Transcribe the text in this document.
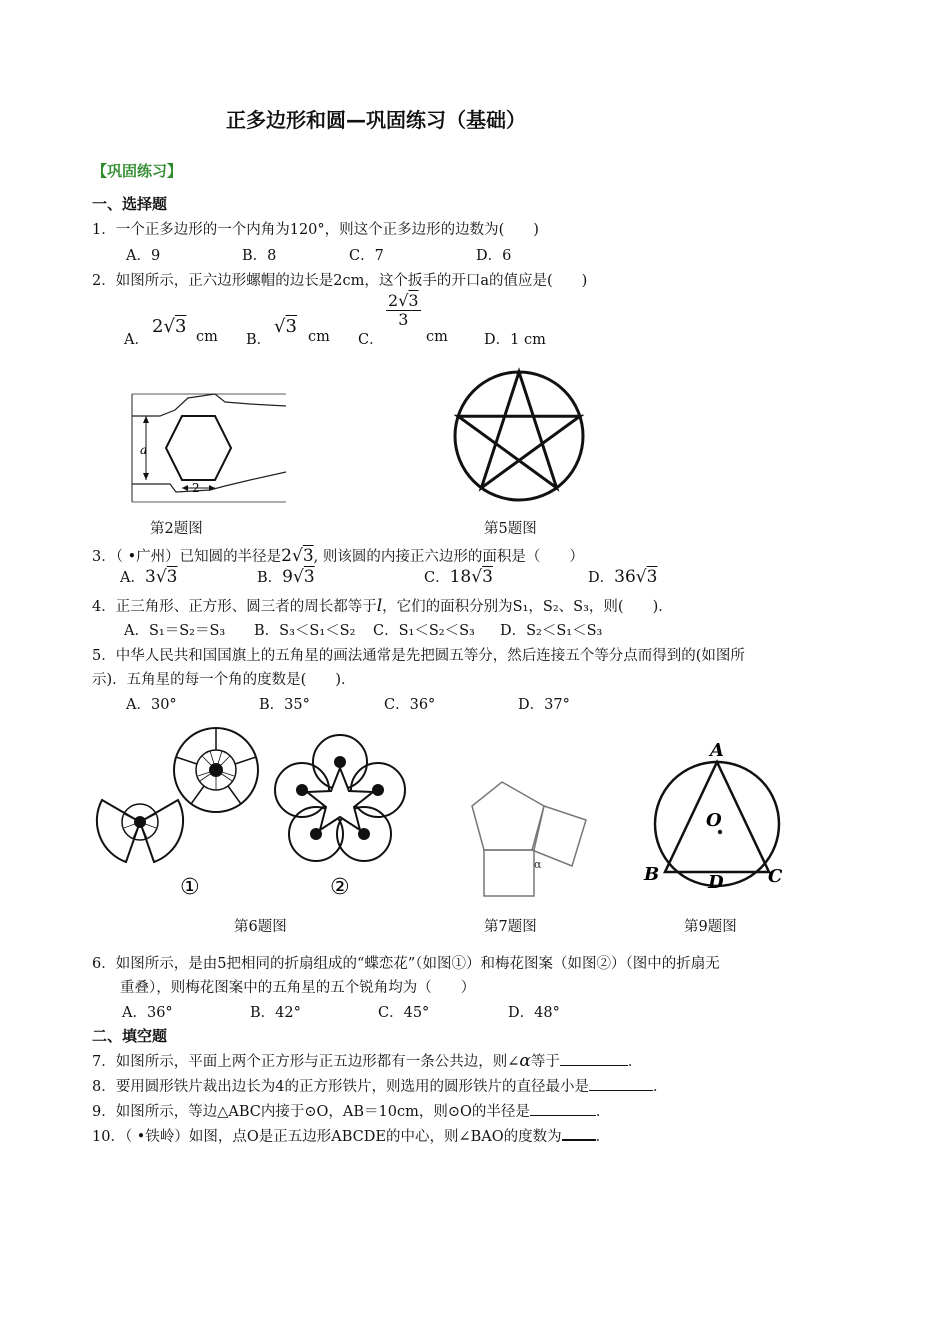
正多边形和圆—巩固练习（基础）
【巩固练习】
一、选择题
1．一个正多边形的一个内角为120°，则这个正多边形的边数为(　　)
A．9	B．8	C．7	D．6
2．如图所示，正六边形螺帽的边长是2cm，这个扳手的开口a的值应是(　　)
A．
2√3 cm B．
√3 cm C．
$\frac{2√3}{3}$
cm D．1 cm
a
2
第2题图	第5题图
3．（ •广州）已知圆的半径是2√3, 则该圆的内接正六边形的面积是（　　）
A．3√3	B．9√3	C．18√3	D．36√3
4．正三角形、正方形、圆三者的周长都等于l，它们的面积分别为S₁，S₂、S₃，则(　　)．
A．S₁＝S₂＝S₃ B．S₃＜S₁＜S₂ C．S₁＜S₂＜S₃ D．S₂＜S₁＜S₃
5．中华人民共和国国旗上的五角星的画法通常是先把圆五等分，然后连接五个等分点而得到的(如图所
示)．五角星的每一个角的度数是(　　)．
A．30°	B．35°	C．36°	D．37°
①	②
α
A
B	C
D
O
第6题图	第7题图	第9题图
6．如图所示，是由5把相同的折扇组成的“蝶恋花”（如图①）和梅花图案（如图②）（图中的折扇无
重叠），则梅花图案中的五角星的五个锐角均为（　　）
A．36°	B．42°	C．45°	D．48°
二、填空题
7．如图所示，平面上两个正方形与正五边形都有一条公共边，则∠α等于	．
8．要用圆形铁片裁出边长为4的正方形铁片，则选用的圆形铁片的直径最小是	．
9．如图所示，等边△ABC内接于⊙O，AB＝10cm，则⊙O的半径是	．
10．（ •铁岭）如图，点O是正五边形ABCDE的中心，则∠BAO的度数为 ．
